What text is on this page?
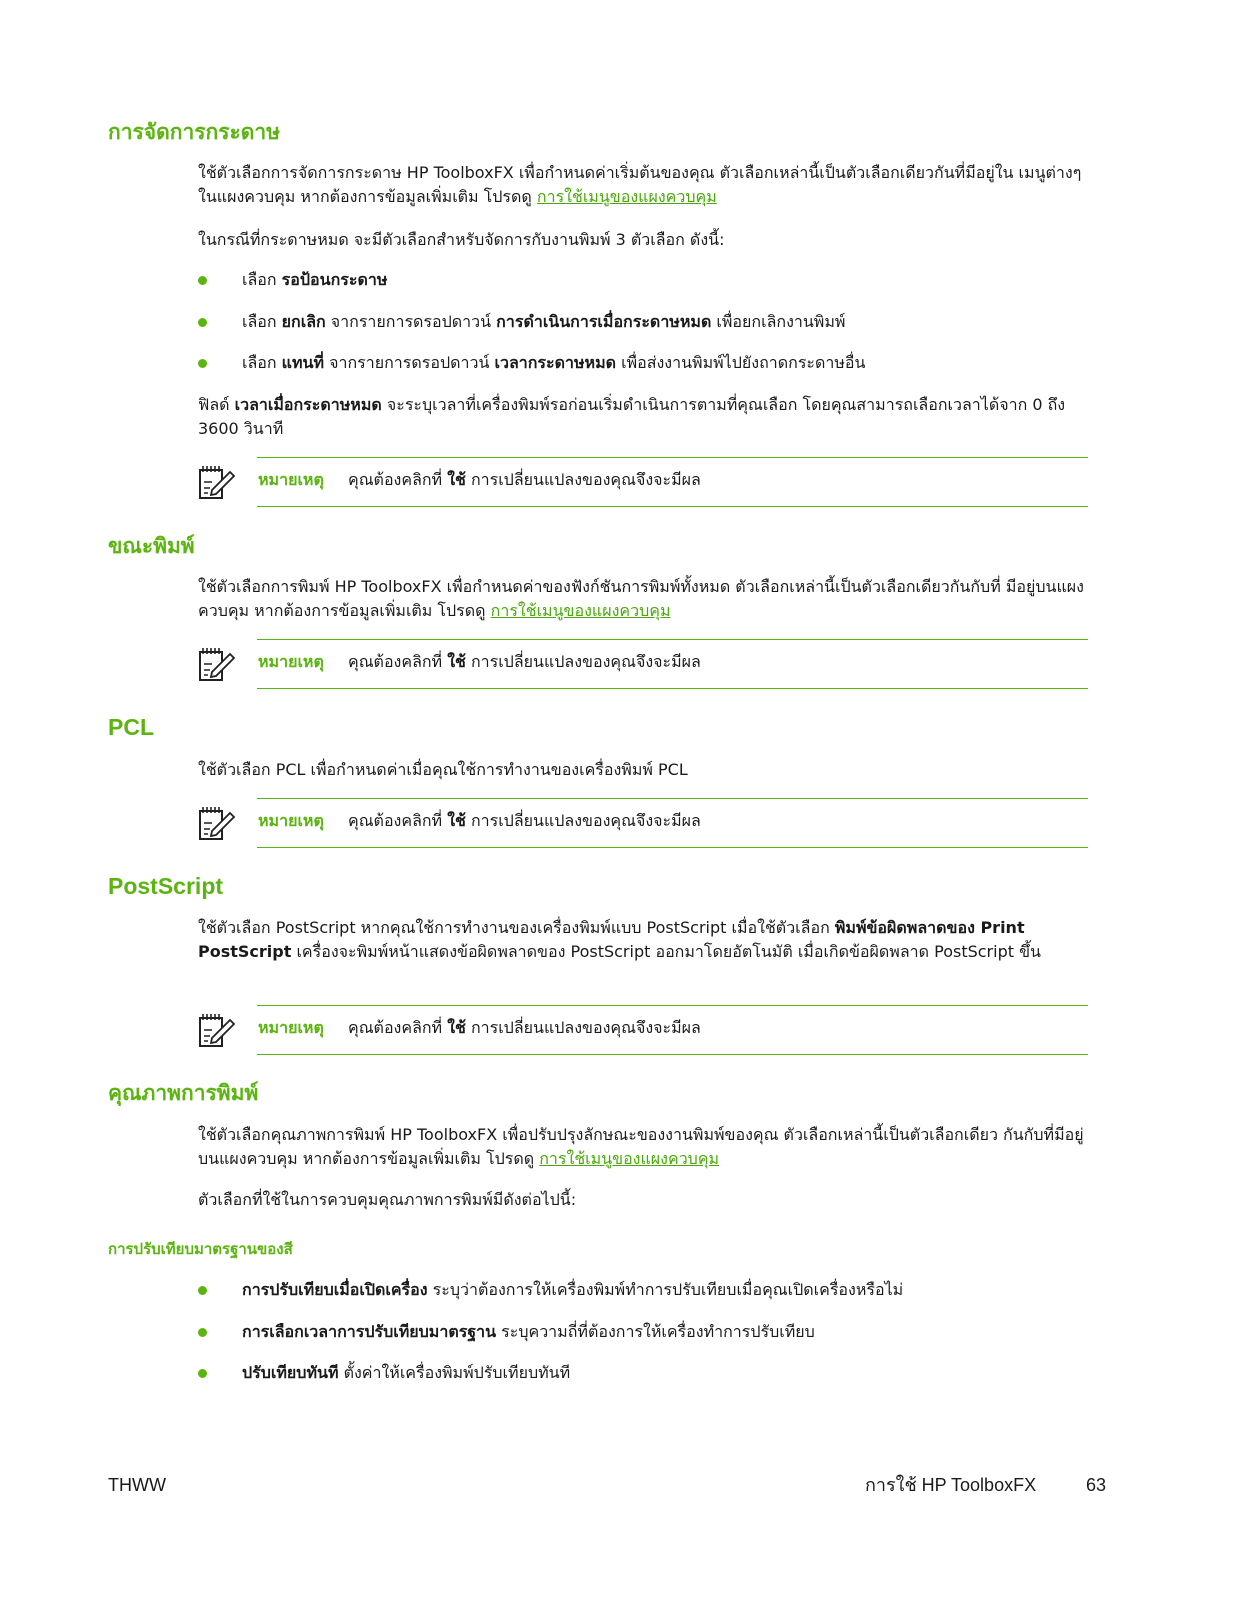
การจัดการกระดาษ

ใช้ตัวเลือกการจัดการกระดาษ HP ToolboxFX เพื่อกำหนดค่าเริ่มต้นของคุณ ตัวเลือกเหล่านี้เป็นตัวเลือกเดียวกันที่มีอยู่ใน เมนูต่างๆ ในแผงควบคุม หากต้องการข้อมูลเพิ่มเติม โปรดดู การใช้เมนูของแผงควบคุม

ในกรณีที่กระดาษหมด จะมีตัวเลือกสำหรับจัดการกับงานพิมพ์ 3 ตัวเลือก ดังนี้:

เลือก รอป้อนกระดาษ
เลือก ยกเลิก จากรายการดรอปดาวน์ การดำเนินการเมื่อกระดาษหมด เพื่อยกเลิกงานพิมพ์
เลือก แทนที่ จากรายการดรอปดาวน์ เวลากระดาษหมด เพื่อส่งงานพิมพ์ไปยังถาดกระดาษอื่น

ฟิลด์ เวลาเมื่อกระดาษหมด จะระบุเวลาที่เครื่องพิมพ์รอก่อนเริ่มดำเนินการตามที่คุณเลือก โดยคุณสามารถเลือกเวลาได้จาก 0 ถึง 3600 วินาที

หมายเหตุ คุณต้องคลิกที่ ใช้ การเปลี่ยนแปลงของคุณจึงจะมีผล
ขณะพิมพ์

ใช้ตัวเลือกการพิมพ์ HP ToolboxFX เพื่อกำหนดค่าของฟังก์ชันการพิมพ์ทั้งหมด ตัวเลือกเหล่านี้เป็นตัวเลือกเดียวกันกับที่ มีอยู่บนแผงควบคุม หากต้องการข้อมูลเพิ่มเติม โปรดดู การใช้เมนูของแผงควบคุม

หมายเหตุ คุณต้องคลิกที่ ใช้ การเปลี่ยนแปลงของคุณจึงจะมีผล
PCL

ใช้ตัวเลือก PCL เพื่อกำหนดค่าเมื่อคุณใช้การทำงานของเครื่องพิมพ์ PCL

หมายเหตุ คุณต้องคลิกที่ ใช้ การเปลี่ยนแปลงของคุณจึงจะมีผล
PostScript

ใช้ตัวเลือก PostScript หากคุณใช้การทำงานของเครื่องพิมพ์แบบ PostScript เมื่อใช้ตัวเลือก พิมพ์ข้อผิดพลาดของ Print PostScript เครื่องจะพิมพ์หน้าแสดงข้อผิดพลาดของ PostScript ออกมาโดยอัตโนมัติ เมื่อเกิดข้อผิดพลาด PostScript ขึ้น

หมายเหตุ คุณต้องคลิกที่ ใช้ การเปลี่ยนแปลงของคุณจึงจะมีผล
คุณภาพการพิมพ์

ใช้ตัวเลือกคุณภาพการพิมพ์ HP ToolboxFX เพื่อปรับปรุงลักษณะของงานพิมพ์ของคุณ ตัวเลือกเหล่านี้เป็นตัวเลือกเดียว กันกับที่มีอยู่บนแผงควบคุม หากต้องการข้อมูลเพิ่มเติม โปรดดู การใช้เมนูของแผงควบคุม

ตัวเลือกที่ใช้ในการควบคุมคุณภาพการพิมพ์มีดังต่อไปนี้:

การปรับเทียบมาตรฐานของสี
การปรับเทียบเมื่อเปิดเครื่อง ระบุว่าต้องการให้เครื่องพิมพ์ทำการปรับเทียบเมื่อคุณเปิดเครื่องหรือไม่
การเลือกเวลาการปรับเทียบมาตรฐาน ระบุความถี่ที่ต้องการให้เครื่องทำการปรับเทียบ
ปรับเทียบทันที ตั้งค่าให้เครื่องพิมพ์ปรับเทียบทันที
THWW	การใช้ HP ToolboxFX	63
